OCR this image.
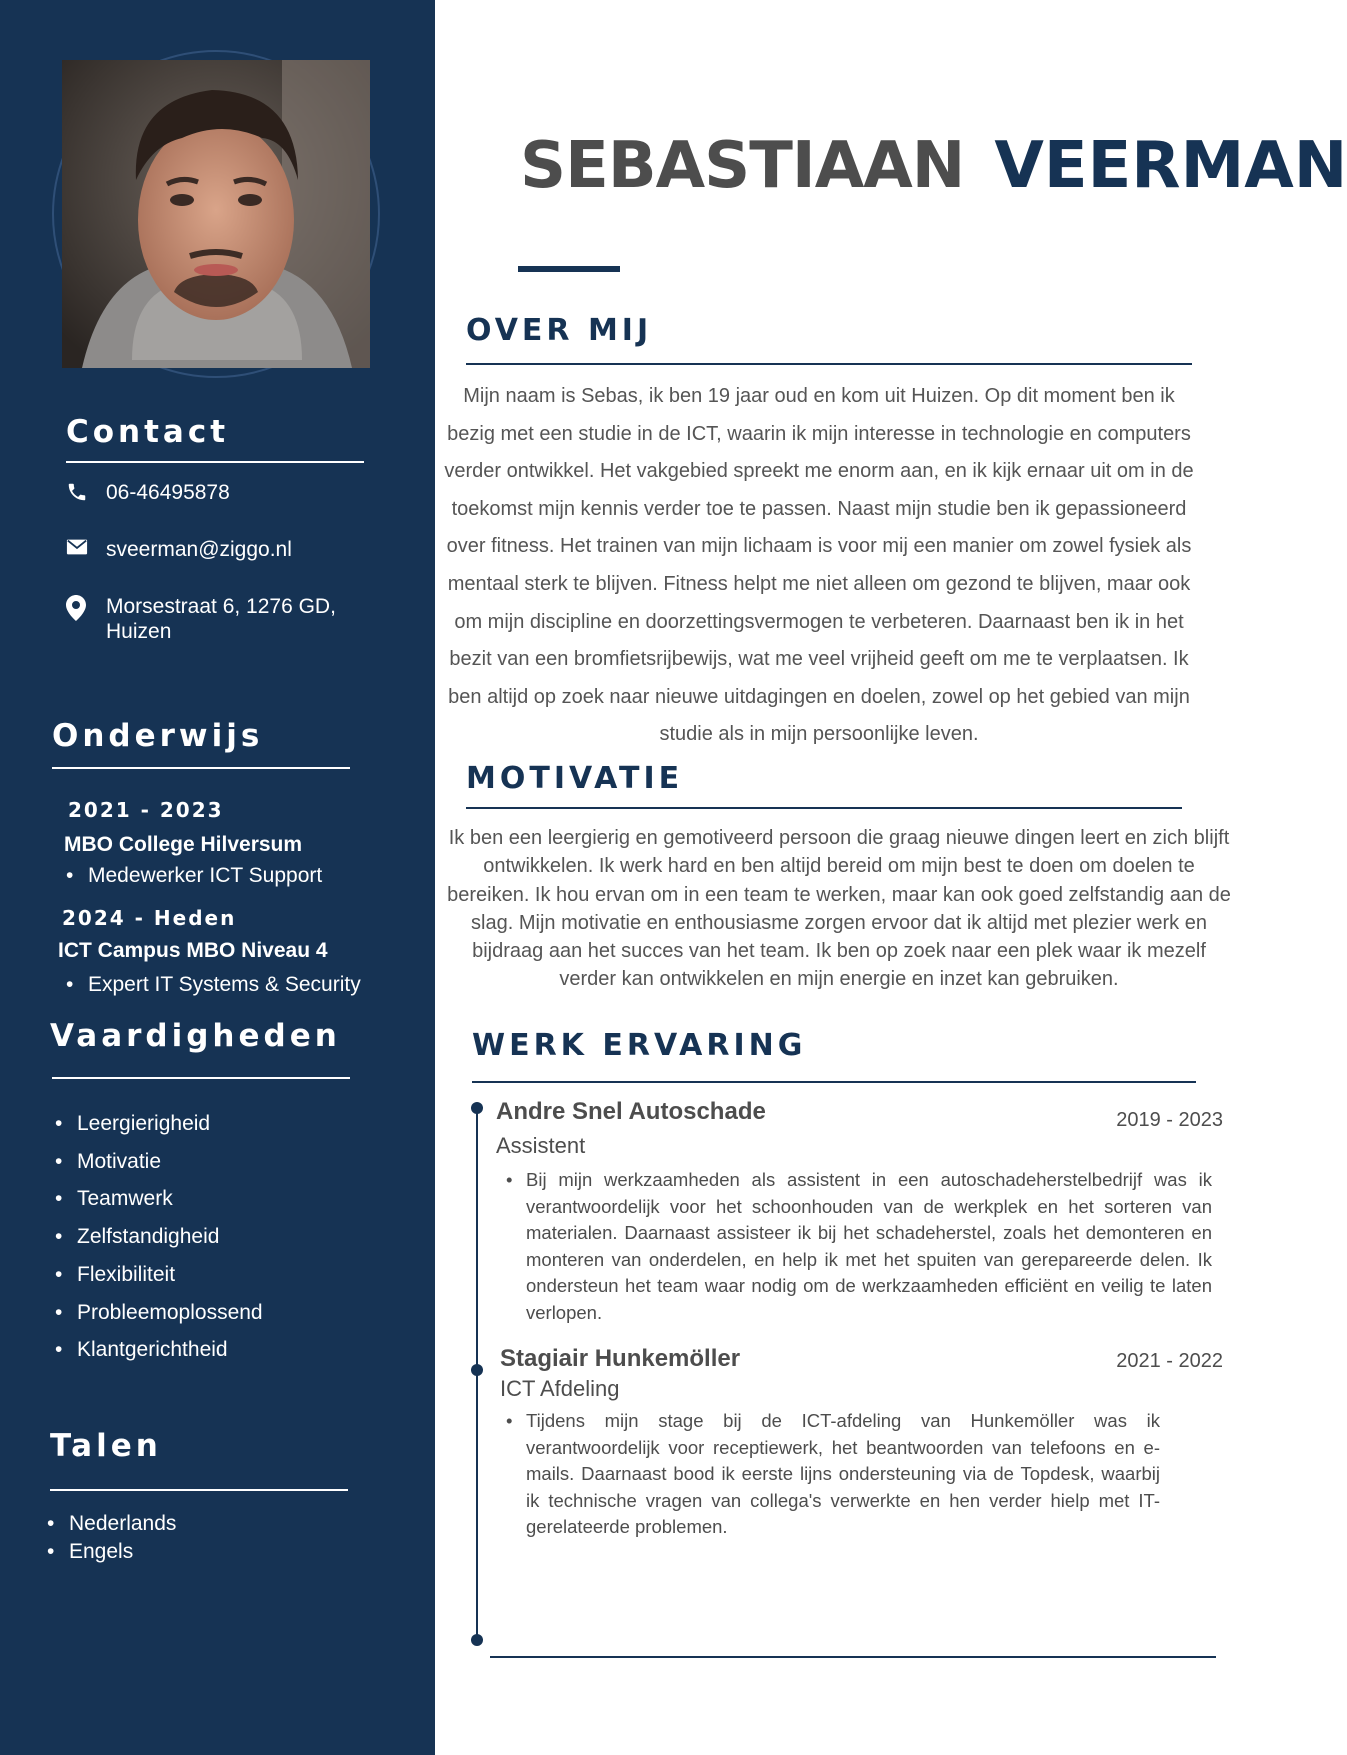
Contact
06-46495878
sveerman@ziggo.nl
Morsestraat 6, 1276 GD, Huizen
Onderwijs
2021 - 2023
MBO College Hilversum
• Medewerker ICT Support
2024 - Heden
ICT Campus MBO Niveau 4
• Expert IT Systems & Security
Vaardigheden
• Leergierigheid
• Motivatie
• Teamwerk
• Zelfstandigheid
• Flexibiliteit
• Probleemoplossend
• Klantgerichtheid
Talen
• Nederlands
• Engels
SEBASTIAAN VEERMAN
OVER MIJ

Mijn naam is Sebas, ik ben 19 jaar oud en kom uit Huizen. Op dit moment ben ik bezig met een studie in de ICT, waarin ik mijn interesse in technologie en computers verder ontwikkel. Het vakgebied spreekt me enorm aan, en ik kijk ernaar uit om in de toekomst mijn kennis verder toe te passen. Naast mijn studie ben ik gepassioneerd over fitness. Het trainen van mijn lichaam is voor mij een manier om zowel fysiek als mentaal sterk te blijven. Fitness helpt me niet alleen om gezond te blijven, maar ook om mijn discipline en doorzettingsvermogen te verbeteren. Daarnaast ben ik in het bezit van een bromfietsrijbewijs, wat me veel vrijheid geeft om me te verplaatsen. Ik ben altijd op zoek naar nieuwe uitdagingen en doelen, zowel op het gebied van mijn studie als in mijn persoonlijke leven.

MOTIVATIE

Ik ben een leergierig en gemotiveerd persoon die graag nieuwe dingen leert en zich blijft ontwikkelen. Ik werk hard en ben altijd bereid om mijn best te doen om doelen te bereiken. Ik hou ervan om in een team te werken, maar kan ook goed zelfstandig aan de slag. Mijn motivatie en enthousiasme zorgen ervoor dat ik altijd met plezier werk en bijdraag aan het succes van het team. Ik ben op zoek naar een plek waar ik mezelf verder kan ontwikkelen en mijn energie en inzet kan gebruiken.

WERK ERVARING
Andre Snel Autoschade	2019 - 2023
Assistent
• Bij mijn werkzaamheden als assistent in een autoschadeherstelbedrijf was ik verantwoordelijk voor het schoonhouden van de werkplek en het sorteren van materialen. Daarnaast assisteer ik bij het schadeherstel, zoals het demonteren en monteren van onderdelen, en help ik met het spuiten van gerepareerde delen. Ik ondersteun het team waar nodig om de werkzaamheden efficiënt en veilig te laten verlopen.
Stagiair Hunkemöller	2021 - 2022
ICT Afdeling
• Tijdens mijn stage bij de ICT-afdeling van Hunkemöller was ik verantwoordelijk voor receptiewerk, het beantwoorden van telefoons en e-mails. Daarnaast bood ik eerste lijns ondersteuning via de Topdesk, waarbij ik technische vragen van collega's verwerkte en hen verder hielp met IT-gerelateerde problemen.
